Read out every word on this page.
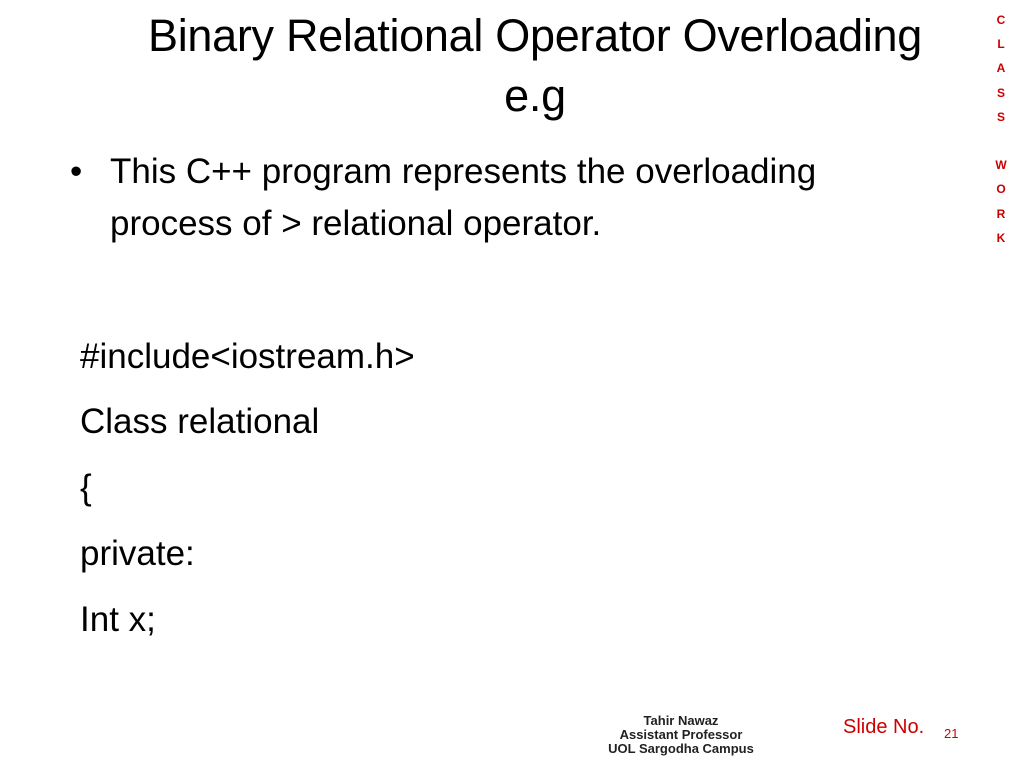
Binary Relational Operator Overloading
e.g
C
L
A
S
S

W
O
R
K
• This C++ program represents the overloading
process of > relational operator.
#include<iostream.h>
Class relational
{
private:
Int x;
Tahir Nawaz
Assistant Professor
UOL Sargodha Campus
Slide No. 21
